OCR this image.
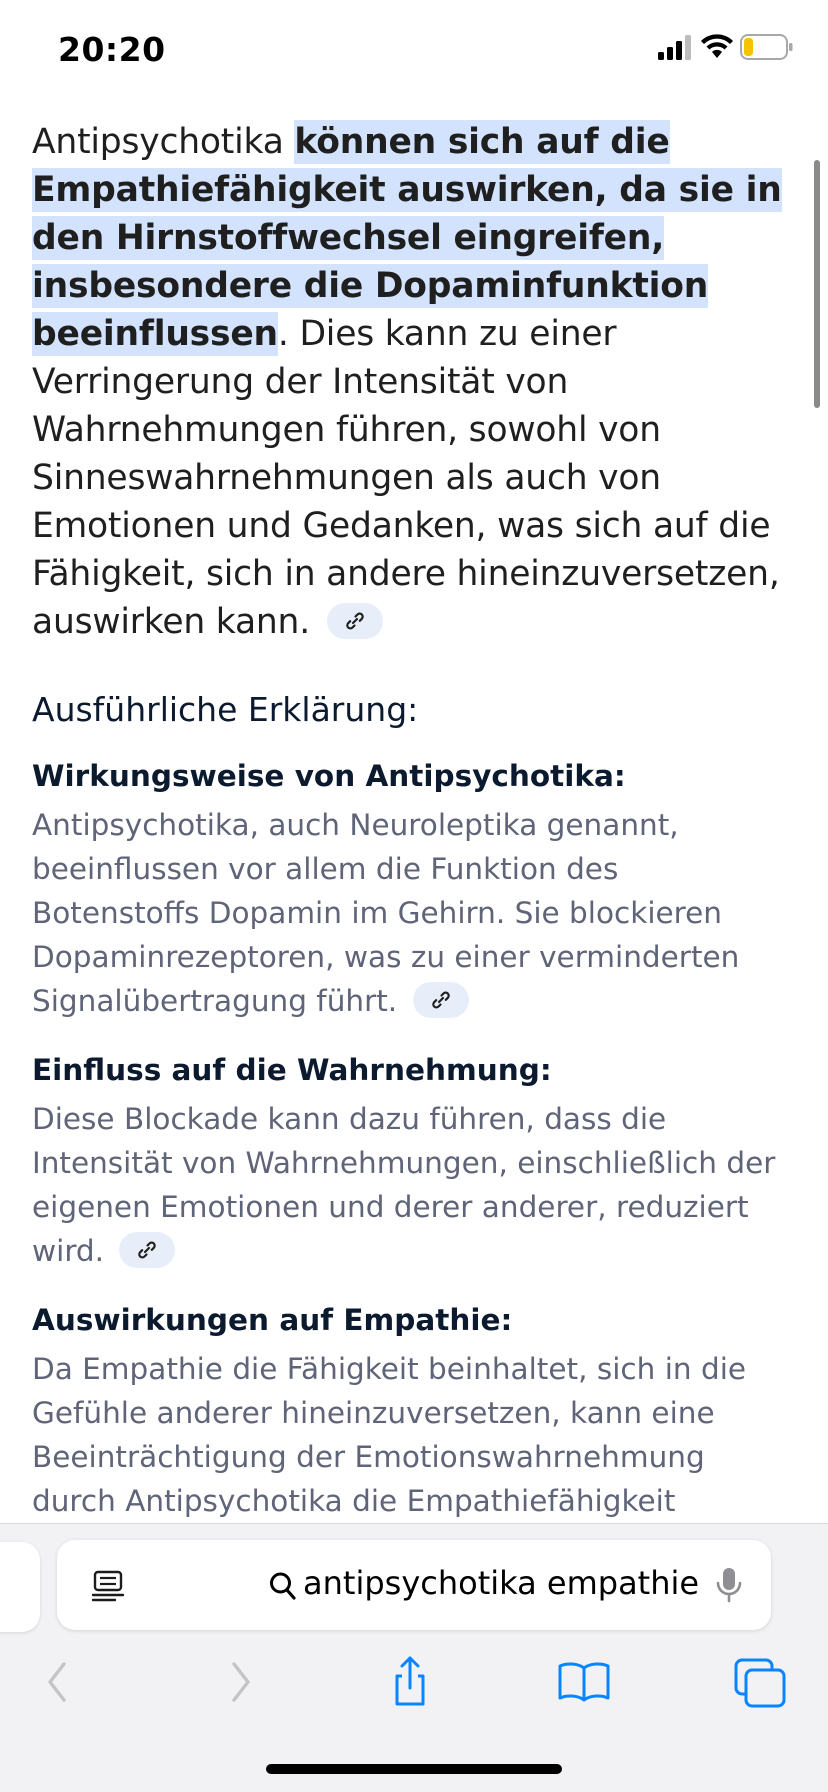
20:20

Antipsychotika können sich auf die Empathiefähigkeit auswirken, da sie in den Hirnstoffwechsel eingreifen, insbesondere die Dopaminfunktion beeinflussen. Dies kann zu einer Verringerung der Intensität von Wahrnehmungen führen, sowohl von Sinneswahrnehmungen als auch von Emotionen und Gedanken, was sich auf die Fähigkeit, sich in andere hineinzuversetzen, auswirken kann.

Ausführliche Erklärung:
Wirkungsweise von Antipsychotika:

Antipsychotika, auch Neuroleptika genannt, beeinflussen vor allem die Funktion des Botenstoffs Dopamin im Gehirn. Sie blockieren Dopaminrezeptoren, was zu einer verminderten Signalübertragung führt.

Einfluss auf die Wahrnehmung:

Diese Blockade kann dazu führen, dass die Intensität von Wahrnehmungen, einschließlich der eigenen Emotionen und derer anderer, reduziert wird.

Auswirkungen auf Empathie:

Da Empathie die Fähigkeit beinhaltet, sich in die Gefühle anderer hineinzuversetzen, kann eine Beeinträchtigung der Emotionswahrnehmung durch Antipsychotika die Empathiefähigkeit

antipsychotika empathie
